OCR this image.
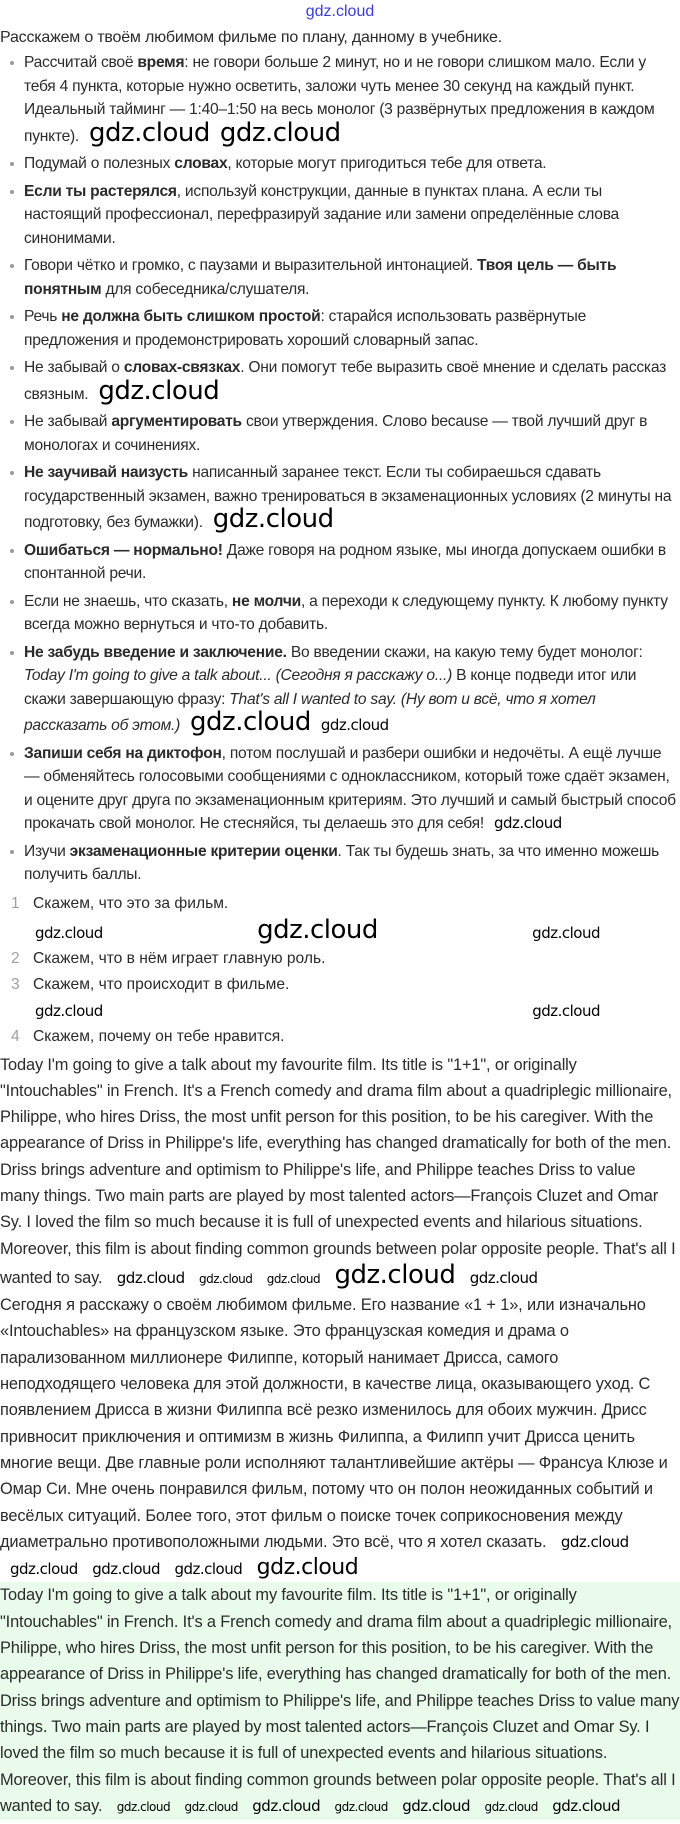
gdz.cloud
Расскажем о твоём любимом фильме по плану, данному в учебнике.
Рассчитай своё время: не говори больше 2 минут, но и не говори слишком мало. Если у тебя 4 пункта, которые нужно осветить, заложи чуть менее 30 секунд на каждый пункт. Идеальный тайминг — 1:40–1:50 на весь монолог (3 развёрнутых предложения в каждом пункте). gdz.cloud gdz.cloud
Подумай о полезных словах, которые могут пригодиться тебе для ответа.
Если ты растерялся, используй конструкции, данные в пунктах плана. А если ты настоящий профессионал, перефразируй задание или замени определённые слова синонимами.
Говори чётко и громко, с паузами и выразительной интонацией. Твоя цель — быть понятным для собеседника/слушателя.
Речь не должна быть слишком простой: старайся использовать развёрнутые предложения и продемонстрировать хороший словарный запас.
Не забывай о словах-связках. Они помогут тебе выразить своё мнение и сделать рассказ связным. gdz.cloud
Не забывай аргументировать свои утверждения. Слово because — твой лучший друг в монологах и сочинениях.
Не заучивай наизусть написанный заранее текст. Если ты собираешься сдавать государственный экзамен, важно тренироваться в экзаменационных условиях (2 минуты на подготовку, без бумажки). gdz.cloud
Ошибаться — нормально! Даже говоря на родном языке, мы иногда допускаем ошибки в спонтанной речи.
Если не знаешь, что сказать, не молчи, а переходи к следующему пункту. К любому пункту всегда можно вернуться и что-то добавить.
Не забудь введение и заключение. Во введении скажи, на какую тему будет монолог: Today I'm going to give a talk about... (Сегодня я расскажу о...) В конце подведи итог или скажи завершающую фразу: That's all I wanted to say. (Ну вот и всё, что я хотел рассказать об этом.) gdz.cloud gdz.cloud
Запиши себя на диктофон, потом послушай и разбери ошибки и недочёты. А ещё лучше — обменяйтесь голосовыми сообщениями с одноклассником, который тоже сдаёт экзамен, и оцените друг друга по экзаменационным критериям. Это лучший и самый быстрый способ прокачать свой монолог. Не стесняйся, ты делаешь это для себя! gdz.cloud
Изучи экзаменационные критерии оценки. Так ты будешь знать, за что именно можешь получить баллы.
1 Скажем, что это за фильм.
gdz.cloud	gdz.cloud	gdz.cloud
2 Скажем, что в нём играет главную роль.
3 Скажем, что происходит в фильме.
gdz.cloud	gdz.cloud
4 Скажем, почему он тебе нравится.

Today I'm going to give a talk about my favourite film. Its title is "1+1", or originally "Intouchables" in French. It's a French comedy and drama film about a quadriplegic millionaire, Philippe, who hires Driss, the most unfit person for this position, to be his caregiver. With the appearance of Driss in Philippe's life, everything has changed dramatically for both of the men. Driss brings adventure and optimism to Philippe's life, and Philippe teaches Driss to value many things. Two main parts are played by most talented actors—François Cluzet and Omar Sy. I loved the film so much because it is full of unexpected events and hilarious situations. Moreover, this film is about finding common grounds between polar opposite people. That's all I wanted to say. gdz.cloud gdz.cloud gdz.cloud gdz.cloud gdz.cloud

Сегодня я расскажу о своём любимом фильме. Его название «1 + 1», или изначально «Intouchables» на французском языке. Это французская комедия и драма о парализованном миллионере Филиппе, который нанимает Дрисса, самого неподходящего человека для этой должности, в качестве лица, оказывающего уход. С появлением Дрисса в жизни Филиппа всё резко изменилось для обоих мужчин. Дрисс привносит приключения и оптимизм в жизнь Филиппа, а Филипп учит Дрисса ценить многие вещи. Две главные роли исполняют талантливейшие актёры — Франсуа Клюзе и Омар Си. Мне очень понравился фильм, потому что он полон неожиданных событий и весёлых ситуаций. Более того, этот фильм о поиске точек соприкосновения между диаметрально противоположными людьми. Это всё, что я хотел сказать. gdz.cloud gdz.cloud gdz.cloud gdz.cloud gdz.cloud

Today I'm going to give a talk about my favourite film. Its title is "1+1", or originally "Intouchables" in French. It's a French comedy and drama film about a quadriplegic millionaire, Philippe, who hires Driss, the most unfit person for this position, to be his caregiver. With the appearance of Driss in Philippe's life, everything has changed dramatically for both of the men. Driss brings adventure and optimism to Philippe's life, and Philippe teaches Driss to value many things. Two main parts are played by most talented actors—François Cluzet and Omar Sy. I loved the film so much because it is full of unexpected events and hilarious situations. Moreover, this film is about finding common grounds between polar opposite people. That's all I wanted to say. gdz.cloud gdz.cloud gdz.cloud gdz.cloud gdz.cloud gdz.cloud gdz.cloud
